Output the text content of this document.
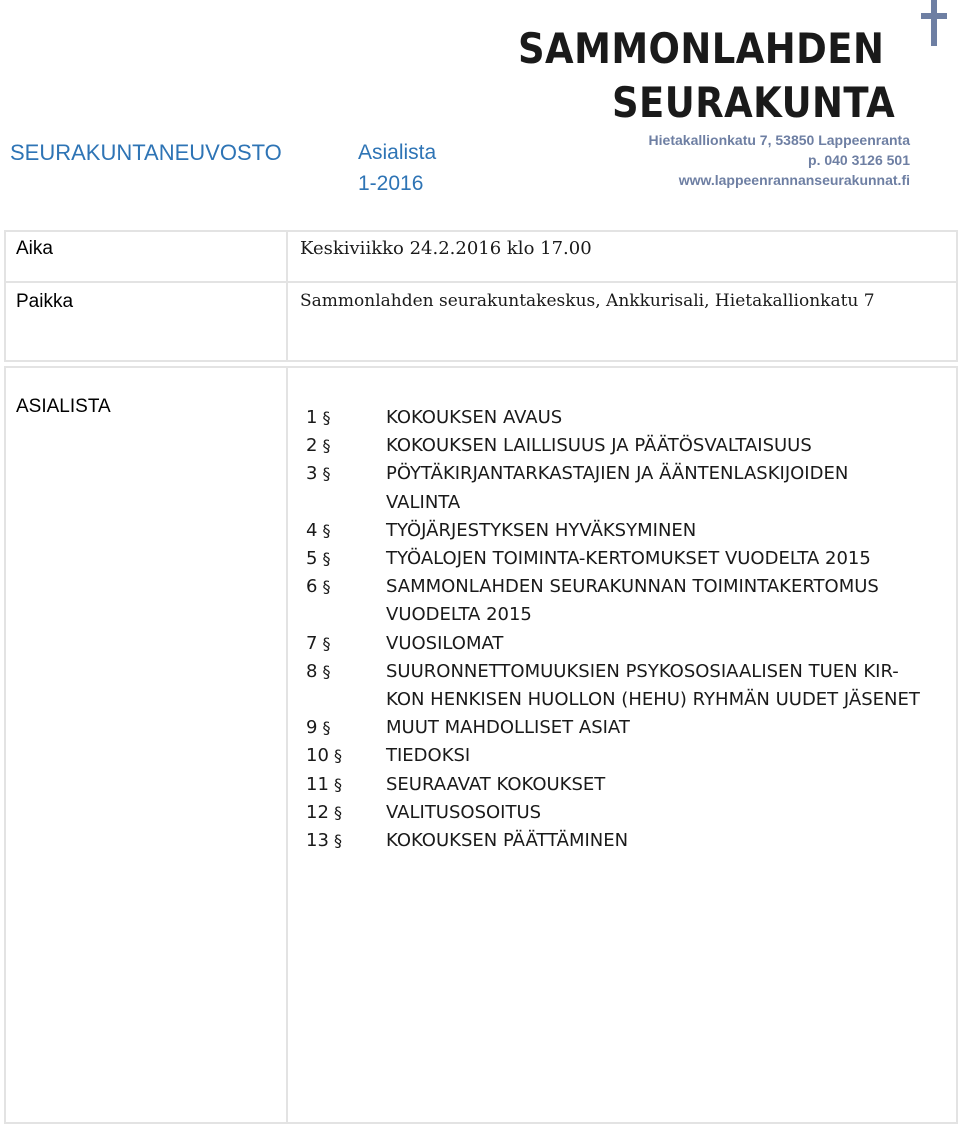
SEURAKUNTANEUVOSTO	Asialista
1-2016
SAMMONLAHDEN
SEURAKUNTA
Hietakallionkatu 7, 53850 Lappeenranta
p. 040 3126 501
www.lappeenrannanseurakunnat.fi
Aika	Keskiviikko 24.2.2016 klo 17.00
Paikka	Sammonlahden seurakuntakeskus, Ankkurisali, Hietakallionkatu 7
ASIALISTA
1 §	KOKOUKSEN AVAUS
2 §	KOKOUKSEN LAILLISUUS JA PÄÄTÖSVALTAISUUS
3 §	PÖYTÄKIRJANTARKASTAJIEN JA ÄÄNTENLASKIJOIDEN
VALINTA
4 §	TYÖJÄRJESTYKSEN HYVÄKSYMINEN
5 §	TYÖALOJEN TOIMINTA-KERTOMUKSET VUODELTA 2015
6 §	SAMMONLAHDEN SEURAKUNNAN TOIMINTAKERTOMUS
VUODELTA 2015
7 §	VUOSILOMAT
8 §	SUURONNETTOMUUKSIEN PSYKOSOSIAALISEN TUEN KIR-
KON HENKISEN HUOLLON (HEHU) RYHMÄN UUDET JÄSENET
9 §	MUUT MAHDOLLISET ASIAT
10 §	TIEDOKSI
11 §	SEURAAVAT KOKOUKSET
12 §	VALITUSOSOITUS
13 §	KOKOUKSEN PÄÄTTÄMINEN
